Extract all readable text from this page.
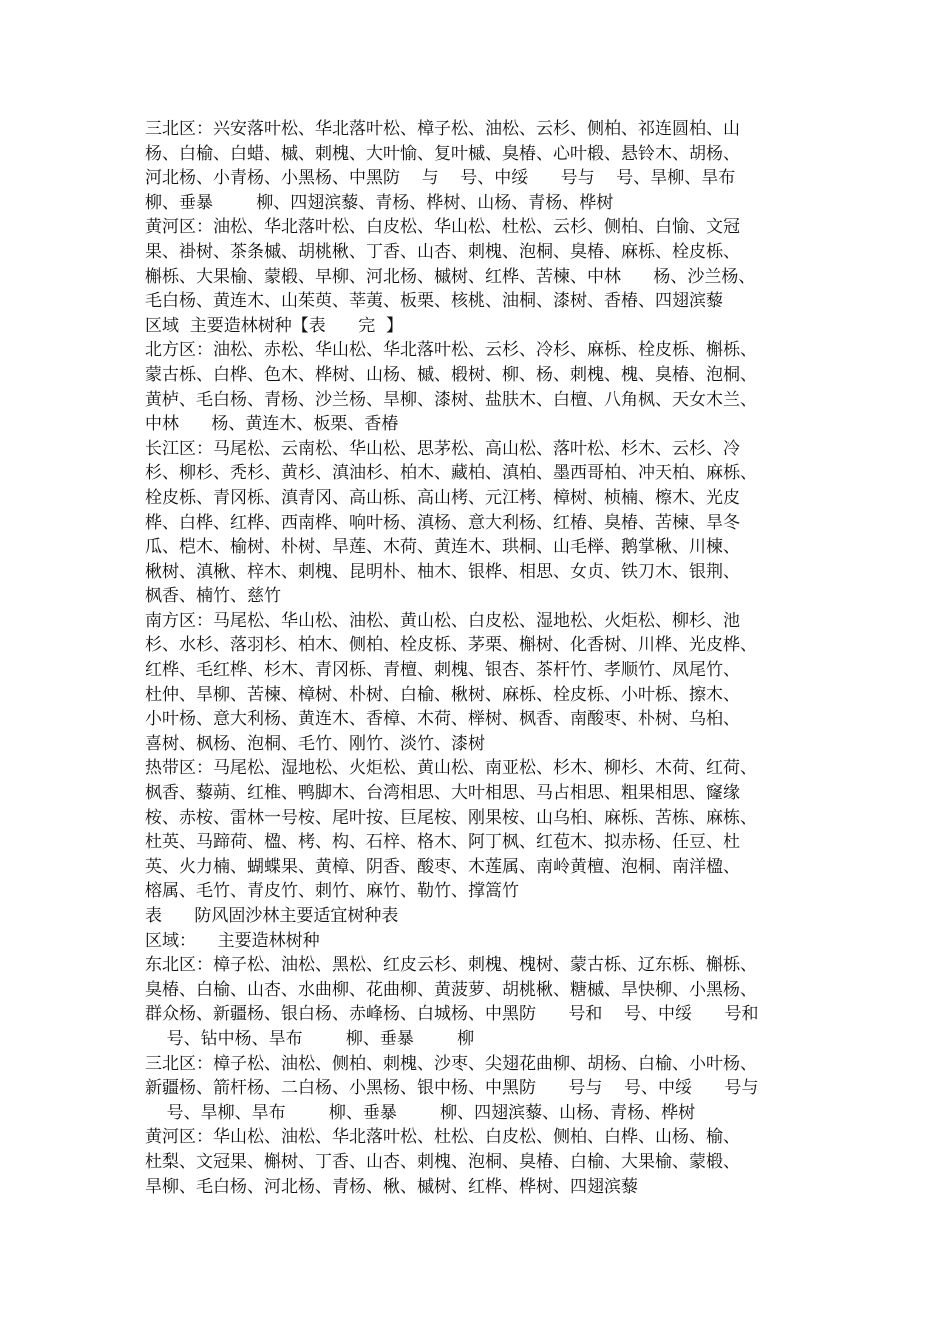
三北区：兴安落叶松、华北落叶松、樟子松、油松、云杉、侧柏、祁连圆柏、山
杨、白榆、白蜡、槭、刺槐、大叶愉、复叶槭、臭椿、心叶椴、悬铃木、胡杨、
河北杨、小青杨、小黑杨、中黑防    与    号、中绥      号与    号、旱柳、旱布
柳、垂暴        柳、四翅滨藜、青杨、桦树、山杨、青杨、桦树
黄河区：油松、华北落叶松、白皮松、华山松、杜松、云杉、侧柏、白愉、文冠
果、褂树、茶条槭、胡桃楸、丁香、山杏、刺槐、泡桐、臭椿、麻栎、栓皮栎、
槲栎、大果榆、蒙椴、早柳、河北杨、槭树、红桦、苦楝、中林      杨、沙兰杨、
毛白杨、黄连木、山茱萸、莘荑、板栗、核桃、油桐、漆树、香椿、四翅滨藜
区域  主要造林树种【表      完  】
北方区：油松、赤松、华山松、华北落叶松、云杉、冷杉、麻栎、栓皮栎、槲栎、
蒙古栎、白桦、色木、桦树、山杨、槭、椴树、柳、杨、刺槐、槐、臭椿、泡桐、
黄栌、毛白杨、青杨、沙兰杨、旱柳、漆树、盐肤木、白檀、八角枫、天女木兰、
中林      杨、黄连木、板栗、香椿
长江区：马尾松、云南松、华山松、思茅松、高山松、落叶松、杉木、云杉、冷
杉、柳杉、秃杉、黄杉、滇油杉、柏木、藏柏、滇柏、墨西哥柏、冲天柏、麻栎、
栓皮栎、青冈栎、滇青冈、高山栎、高山栲、元江栲、樟树、桢楠、檫木、光皮
桦、白桦、红桦、西南桦、响叶杨、滇杨、意大利杨、红椿、臭椿、苦楝、旱冬
瓜、桤木、榆树、朴树、旱莲、木荷、黄连木、珙桐、山毛榉、鹅掌楸、川楝、
楸树、滇楸、梓木、刺槐、昆明朴、柚木、银桦、相思、女贞、铁刀木、银荆、
枫香、楠竹、慈竹
南方区：马尾松、华山松、油松、黄山松、白皮松、湿地松、火炬松、柳杉、池
杉、水杉、落羽杉、柏木、侧柏、栓皮栎、茅栗、槲树、化香树、川桦、光皮桦、
红桦、毛红桦、杉木、青冈栎、青檀、刺槐、银杏、茶杆竹、孝顺竹、凤尾竹、
杜仲、旱柳、苦楝、樟树、朴树、白榆、楸树、麻栎、栓皮栎、小叶栎、擦木、
小叶杨、意大利杨、黄连木、香樟、木荷、榉树、枫香、南酸枣、朴树、乌桕、
喜树、枫杨、泡桐、毛竹、刚竹、淡竹、漆树
热带区：马尾松、湿地松、火炬松、黄山松、南亚松、杉木、柳杉、木荷、红荷、
枫香、藜蒴、红椎、鸭脚木、台湾相思、大叶相思、马占相思、粗果相思、窿缘
桉、赤桉、雷林一号桉、尾叶按、巨尾桉、刚果桉、山乌桕、麻栎、苦栋、麻栋、
杜英、马蹄荷、楹、栲、构、石梓、格木、阿丁枫、红苞木、拟赤杨、任豆、杜
英、火力楠、蝴蝶果、黄樟、阴香、酸枣、木莲属、南岭黄檀、泡桐、南洋楹、
榕属、毛竹、青皮竹、刺竹、麻竹、勒竹、撑篙竹
表      防风固沙林主要适宜树种表
区域：    主要造林树种
东北区：樟子松、油松、黑松、红皮云杉、刺槐、槐树、蒙古栎、辽东栎、槲栎、
臭椿、白榆、山杏、水曲柳、花曲柳、黄菠萝、胡桃楸、糖槭、旱快柳、小黑杨、
群众杨、新疆杨、银白杨、赤峰杨、白城杨、中黑防      号和    号、中绥      号和
号、钻中杨、旱布        柳、垂暴        柳
三北区：樟子松、油松、侧柏、刺槐、沙枣、尖翅花曲柳、胡杨、白榆、小叶杨、
新疆杨、箭杆杨、二白杨、小黑杨、银中杨、中黑防      号与    号、中绥      号与
号、旱柳、旱布        柳、垂暴        柳、四翅滨藜、山杨、青杨、桦树
黄河区：华山松、油松、华北落叶松、杜松、白皮松、侧柏、白桦、山杨、榆、
杜梨、文冠果、槲树、丁香、山杏、刺槐、泡桐、臭椿、白榆、大果榆、蒙椴、
旱柳、毛白杨、河北杨、青杨、楸、槭树、红桦、桦树、四翅滨藜
